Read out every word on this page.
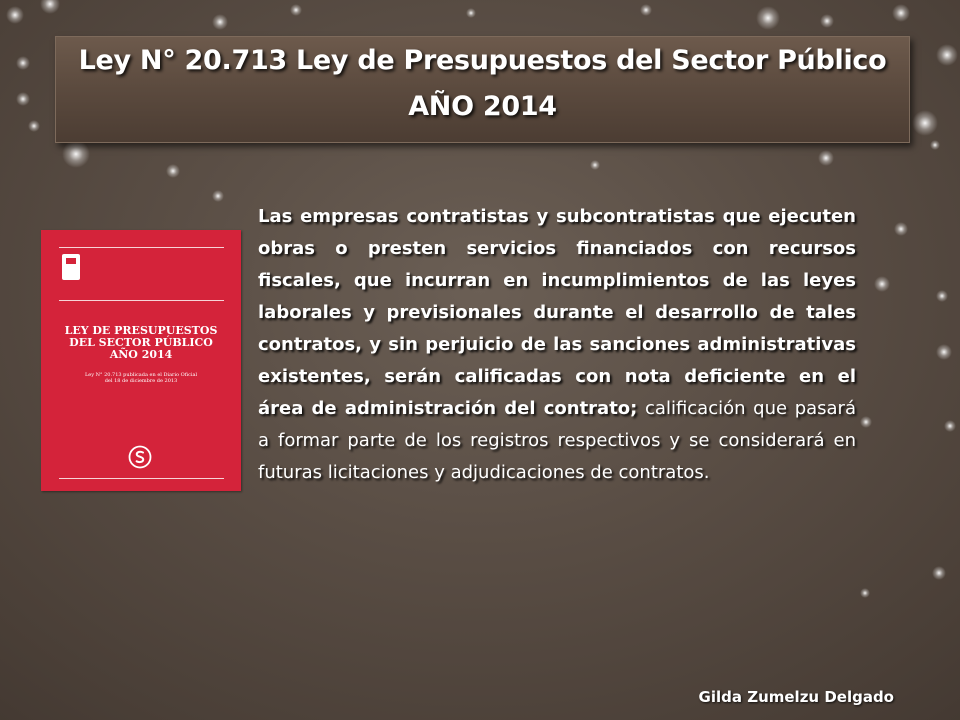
Ley N° 20.713 Ley de Presupuestos del Sector Público
AÑO 2014
LEY DE PRESUPUESTOS
DEL SECTOR PÚBLICO
AÑO 2014
Ley N° 20.713 publicada en el Diario Oficial
del 18 de diciembre de 2013
Las empresas contratistas y subcontratistas que ejecuten obras o presten servicios financiados con recursos fiscales, que incurran en incumplimientos de las leyes laborales y previsionales durante el desarrollo de tales contratos, y sin perjuicio de las sanciones administrativas existentes, serán calificadas con nota deficiente en el área de administración del contrato; calificación que pasará a formar parte de los registros respectivos y se considerará en futuras licitaciones y adjudicaciones de contratos.
Gilda Zumelzu Delgado
